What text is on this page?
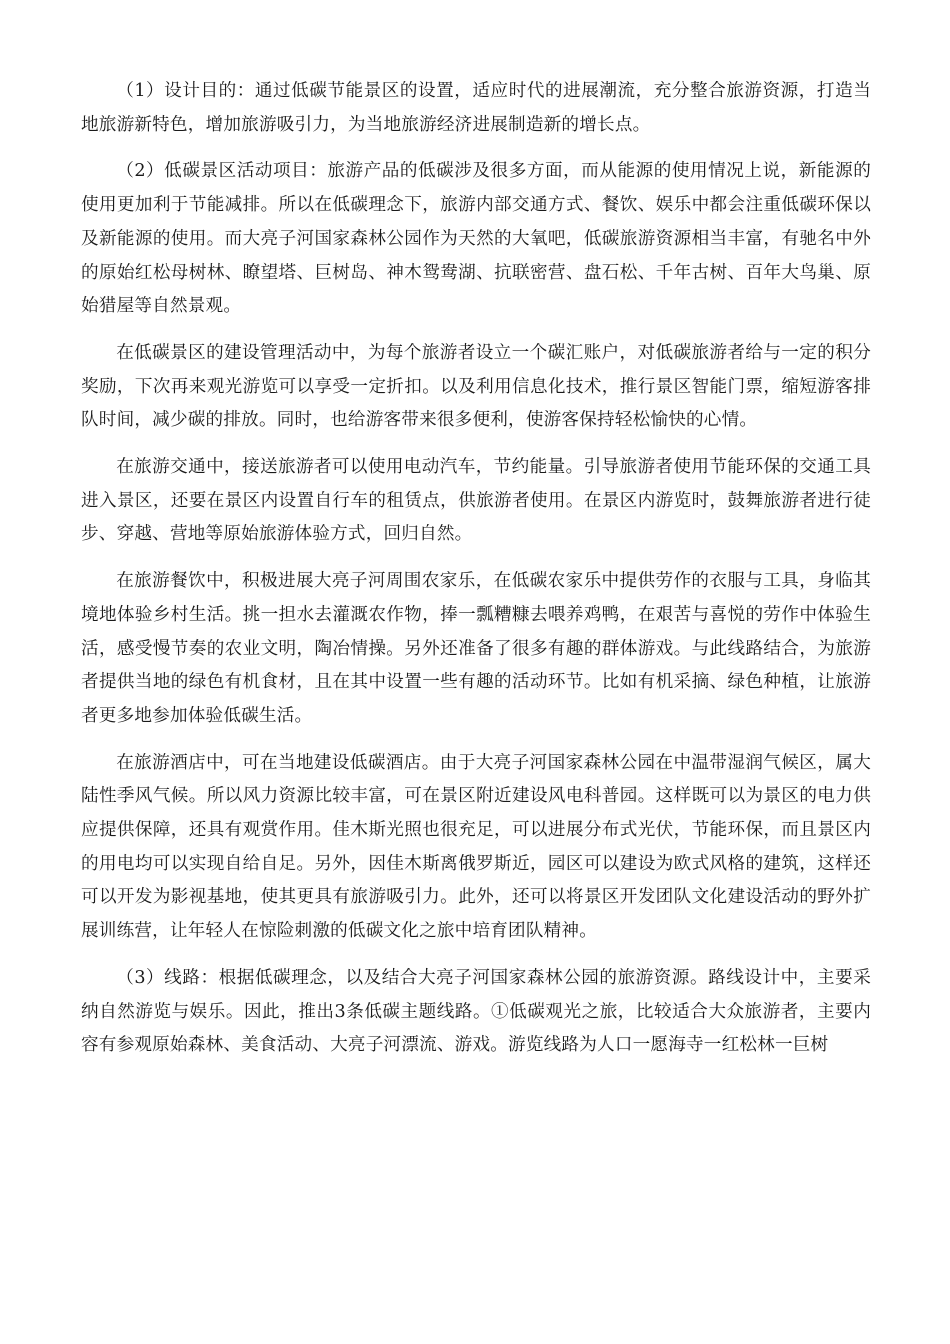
（1）设计目的：通过低碳节能景区的设置，适应时代的进展潮流，充分整合旅游资源，打造当地旅游新特色，增加旅游吸引力，为当地旅游经济进展制造新的增长点。

（2）低碳景区活动项目：旅游产品的低碳涉及很多方面，而从能源的使用情况上说，新能源的使用更加利于节能减排。所以在低碳理念下，旅游内部交通方式、餐饮、娱乐中都会注重低碳环保以及新能源的使用。而大亮子河国家森林公园作为天然的大氧吧，低碳旅游资源相当丰富，有驰名中外的原始红松母树林、瞭望塔、巨树岛、神木鸳鸯湖、抗联密营、盘石松、千年古树、百年大鸟巢、原始猎屋等自然景观。

在低碳景区的建设管理活动中，为每个旅游者设立一个碳汇账户，对低碳旅游者给与一定的积分奖励，下次再来观光游览可以享受一定折扣。以及利用信息化技术，推行景区智能门票，缩短游客排队时间，减少碳的排放。同时，也给游客带来很多便利，使游客保持轻松愉快的心情。

在旅游交通中，接送旅游者可以使用电动汽车，节约能量。引导旅游者使用节能环保的交通工具进入景区，还要在景区内设置自行车的租赁点，供旅游者使用。在景区内游览时，鼓舞旅游者进行徒步、穿越、营地等原始旅游体验方式，回归自然。

在旅游餐饮中，积极进展大亮子河周围农家乐，在低碳农家乐中提供劳作的衣服与工具，身临其境地体验乡村生活。挑一担水去灌溉农作物，捧一瓢糟糠去喂养鸡鸭，在艰苦与喜悦的劳作中体验生活，感受慢节奏的农业文明，陶冶情操。另外还准备了很多有趣的群体游戏。与此线路结合，为旅游者提供当地的绿色有机食材，且在其中设置一些有趣的活动环节。比如有机采摘、绿色种植，让旅游者更多地参加体验低碳生活。

在旅游酒店中，可在当地建设低碳酒店。由于大亮子河国家森林公园在中温带湿润气候区，属大陆性季风气候。所以风力资源比较丰富，可在景区附近建设风电科普园。这样既可以为景区的电力供应提供保障，还具有观赏作用。佳木斯光照也很充足，可以进展分布式光伏，节能环保，而且景区内的用电均可以实现自给自足。另外，因佳木斯离俄罗斯近，园区可以建设为欧式风格的建筑，这样还可以开发为影视基地，使其更具有旅游吸引力。此外，还可以将景区开发团队文化建设活动的野外扩展训练营，让年轻人在惊险刺激的低碳文化之旅中培育团队精神。

（3）线路：根据低碳理念，以及结合大亮子河国家森林公园的旅游资源。路线设计中，主要采纳自然游览与娱乐。因此，推出3条低碳主题线路。①低碳观光之旅，比较适合大众旅游者，主要内容有参观原始森林、美食活动、大亮子河漂流、游戏。游览线路为人口一愿海寺一红松林一巨树
